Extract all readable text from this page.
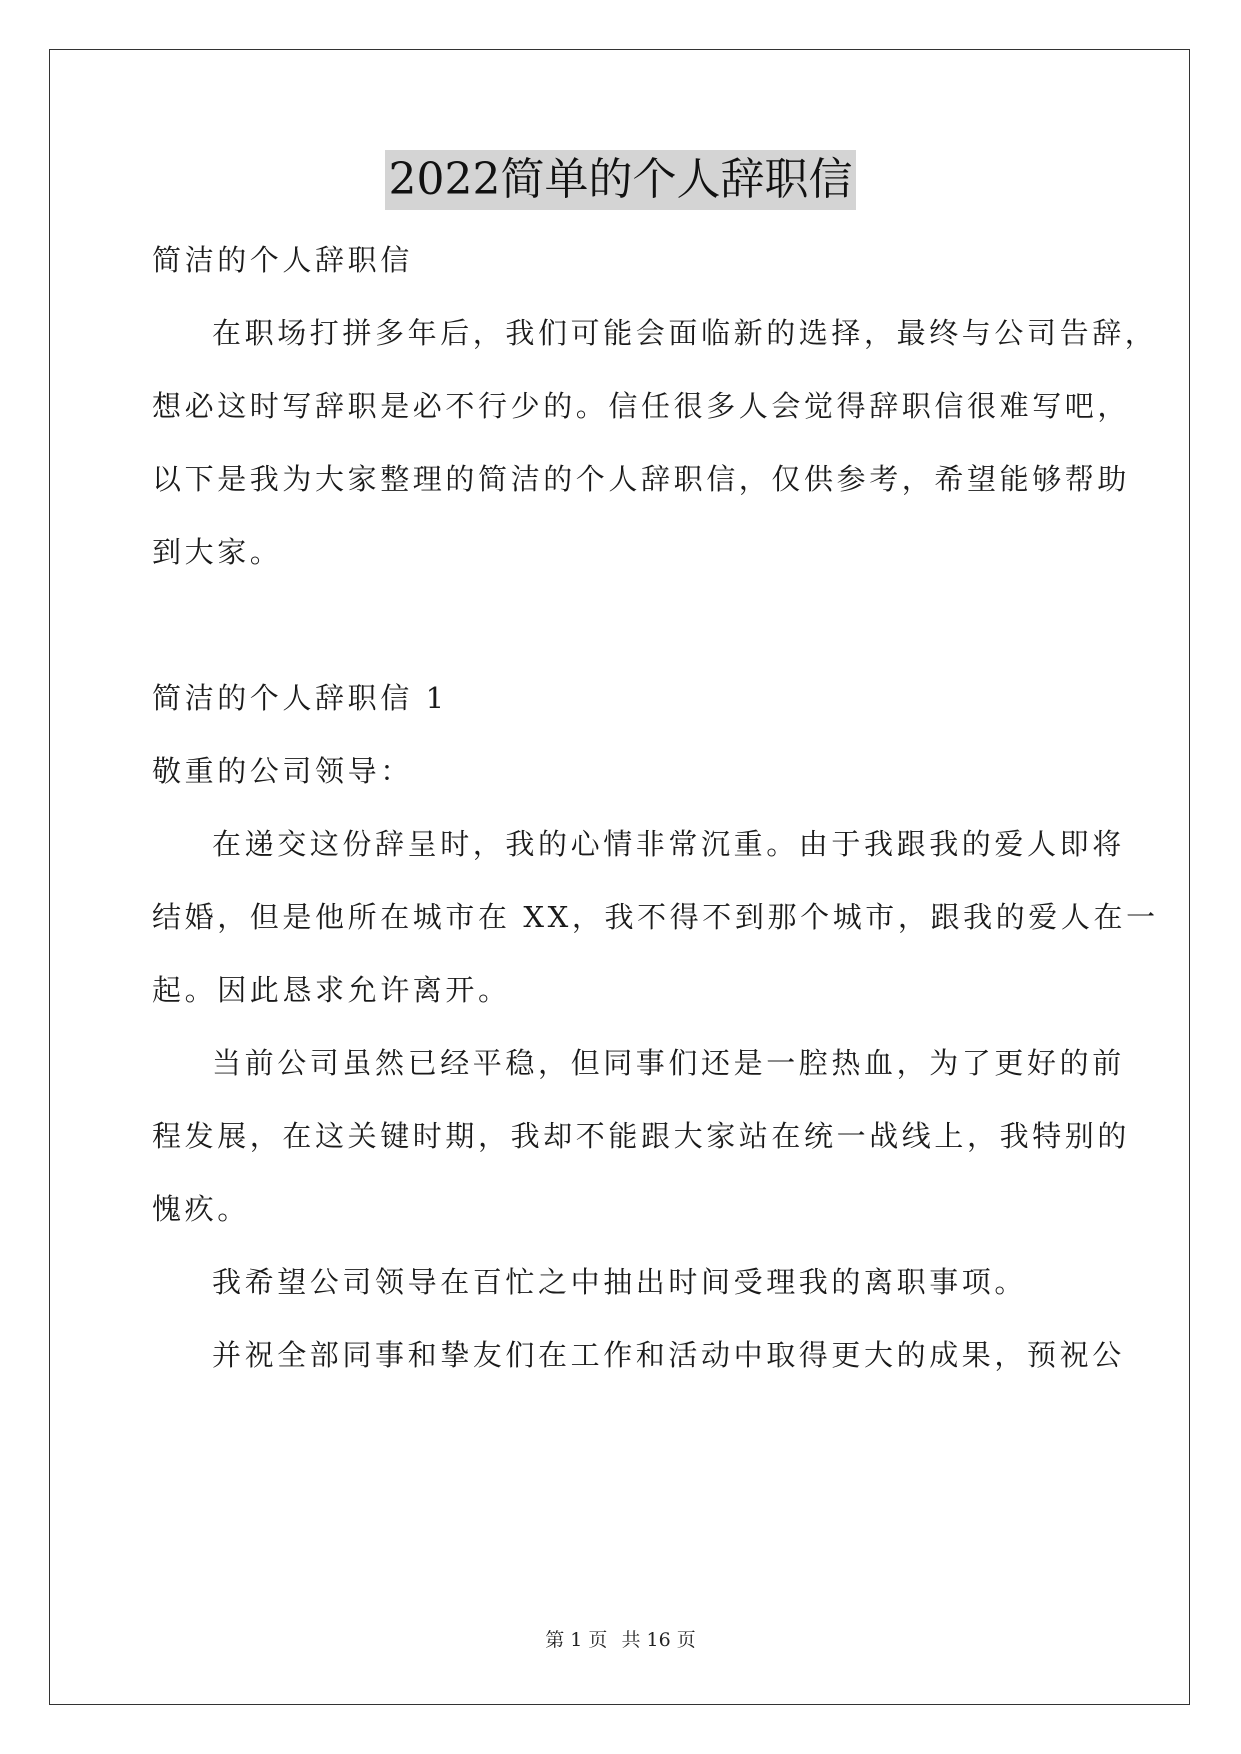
2022简单的个人辞职信
简洁的个人辞职信
在职场打拼多年后，我们可能会面临新的选择，最终与公司告辞，
想必这时写辞职是必不行少的。信任很多人会觉得辞职信很难写吧，
以下是我为大家整理的简洁的个人辞职信，仅供参考，希望能够帮助
到大家。
简洁的个人辞职信 1
敬重的公司领导：
在递交这份辞呈时，我的心情非常沉重。由于我跟我的爱人即将
结婚，但是他所在城市在 XX，我不得不到那个城市，跟我的爱人在一
起。因此恳求允许离开。
当前公司虽然已经平稳，但同事们还是一腔热血，为了更好的前
程发展，在这关键时期，我却不能跟大家站在统一战线上，我特别的
愧疚。
我希望公司领导在百忙之中抽出时间受理我的离职事项。
并祝全部同事和挚友们在工作和活动中取得更大的成果，预祝公
第 1 页 共 16 页
